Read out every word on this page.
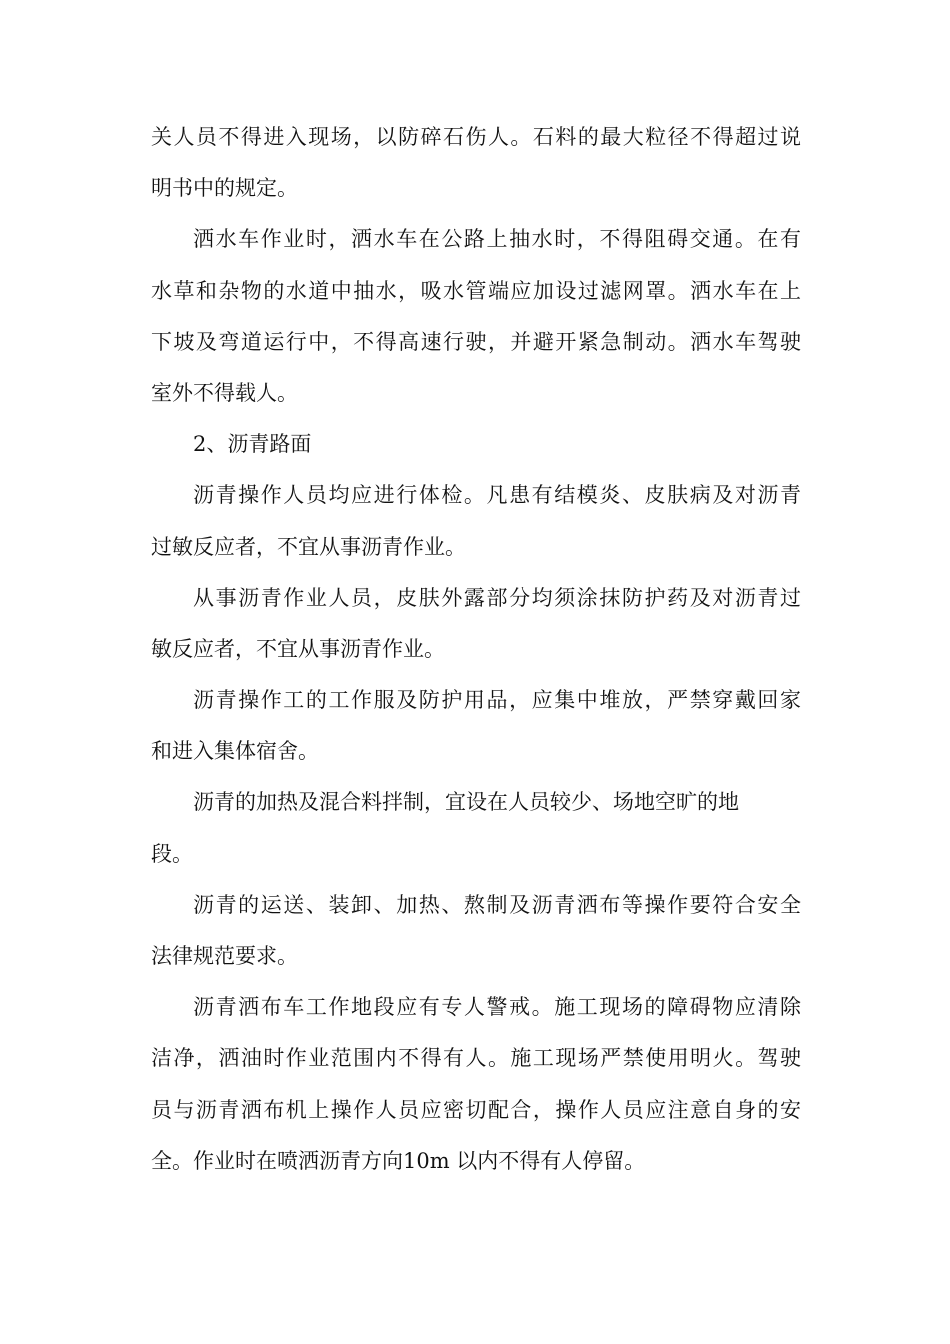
关人员不得进入现场，以防碎石伤人。石料的最大粒径不得超过说
明书中的规定。
洒水车作业时，洒水车在公路上抽水时，不得阻碍交通。在有
水草和杂物的水道中抽水，吸水管端应加设过滤网罩。洒水车在上
下坡及弯道运行中，不得高速行驶，并避开紧急制动。洒水车驾驶
室外不得载人。
2、沥青路面
沥青操作人员均应进行体检。凡患有结模炎、皮肤病及对沥青
过敏反应者，不宜从事沥青作业。
从事沥青作业人员，皮肤外露部分均须涂抹防护药及对沥青过
敏反应者，不宜从事沥青作业。
沥青操作工的工作服及防护用品，应集中堆放，严禁穿戴回家
和进入集体宿舍。
沥青的加热及混合料拌制，宜设在人员较少、场地空旷的地
段。
沥青的运送、装卸、加热、熬制及沥青洒布等操作要符合安全
法律规范要求。
沥青洒布车工作地段应有专人警戒。施工现场的障碍物应清除
洁净，洒油时作业范围内不得有人。施工现场严禁使用明火。驾驶
员与沥青洒布机上操作人员应密切配合，操作人员应注意自身的安
全。作业时在喷洒沥青方向10m 以内不得有人停留。
